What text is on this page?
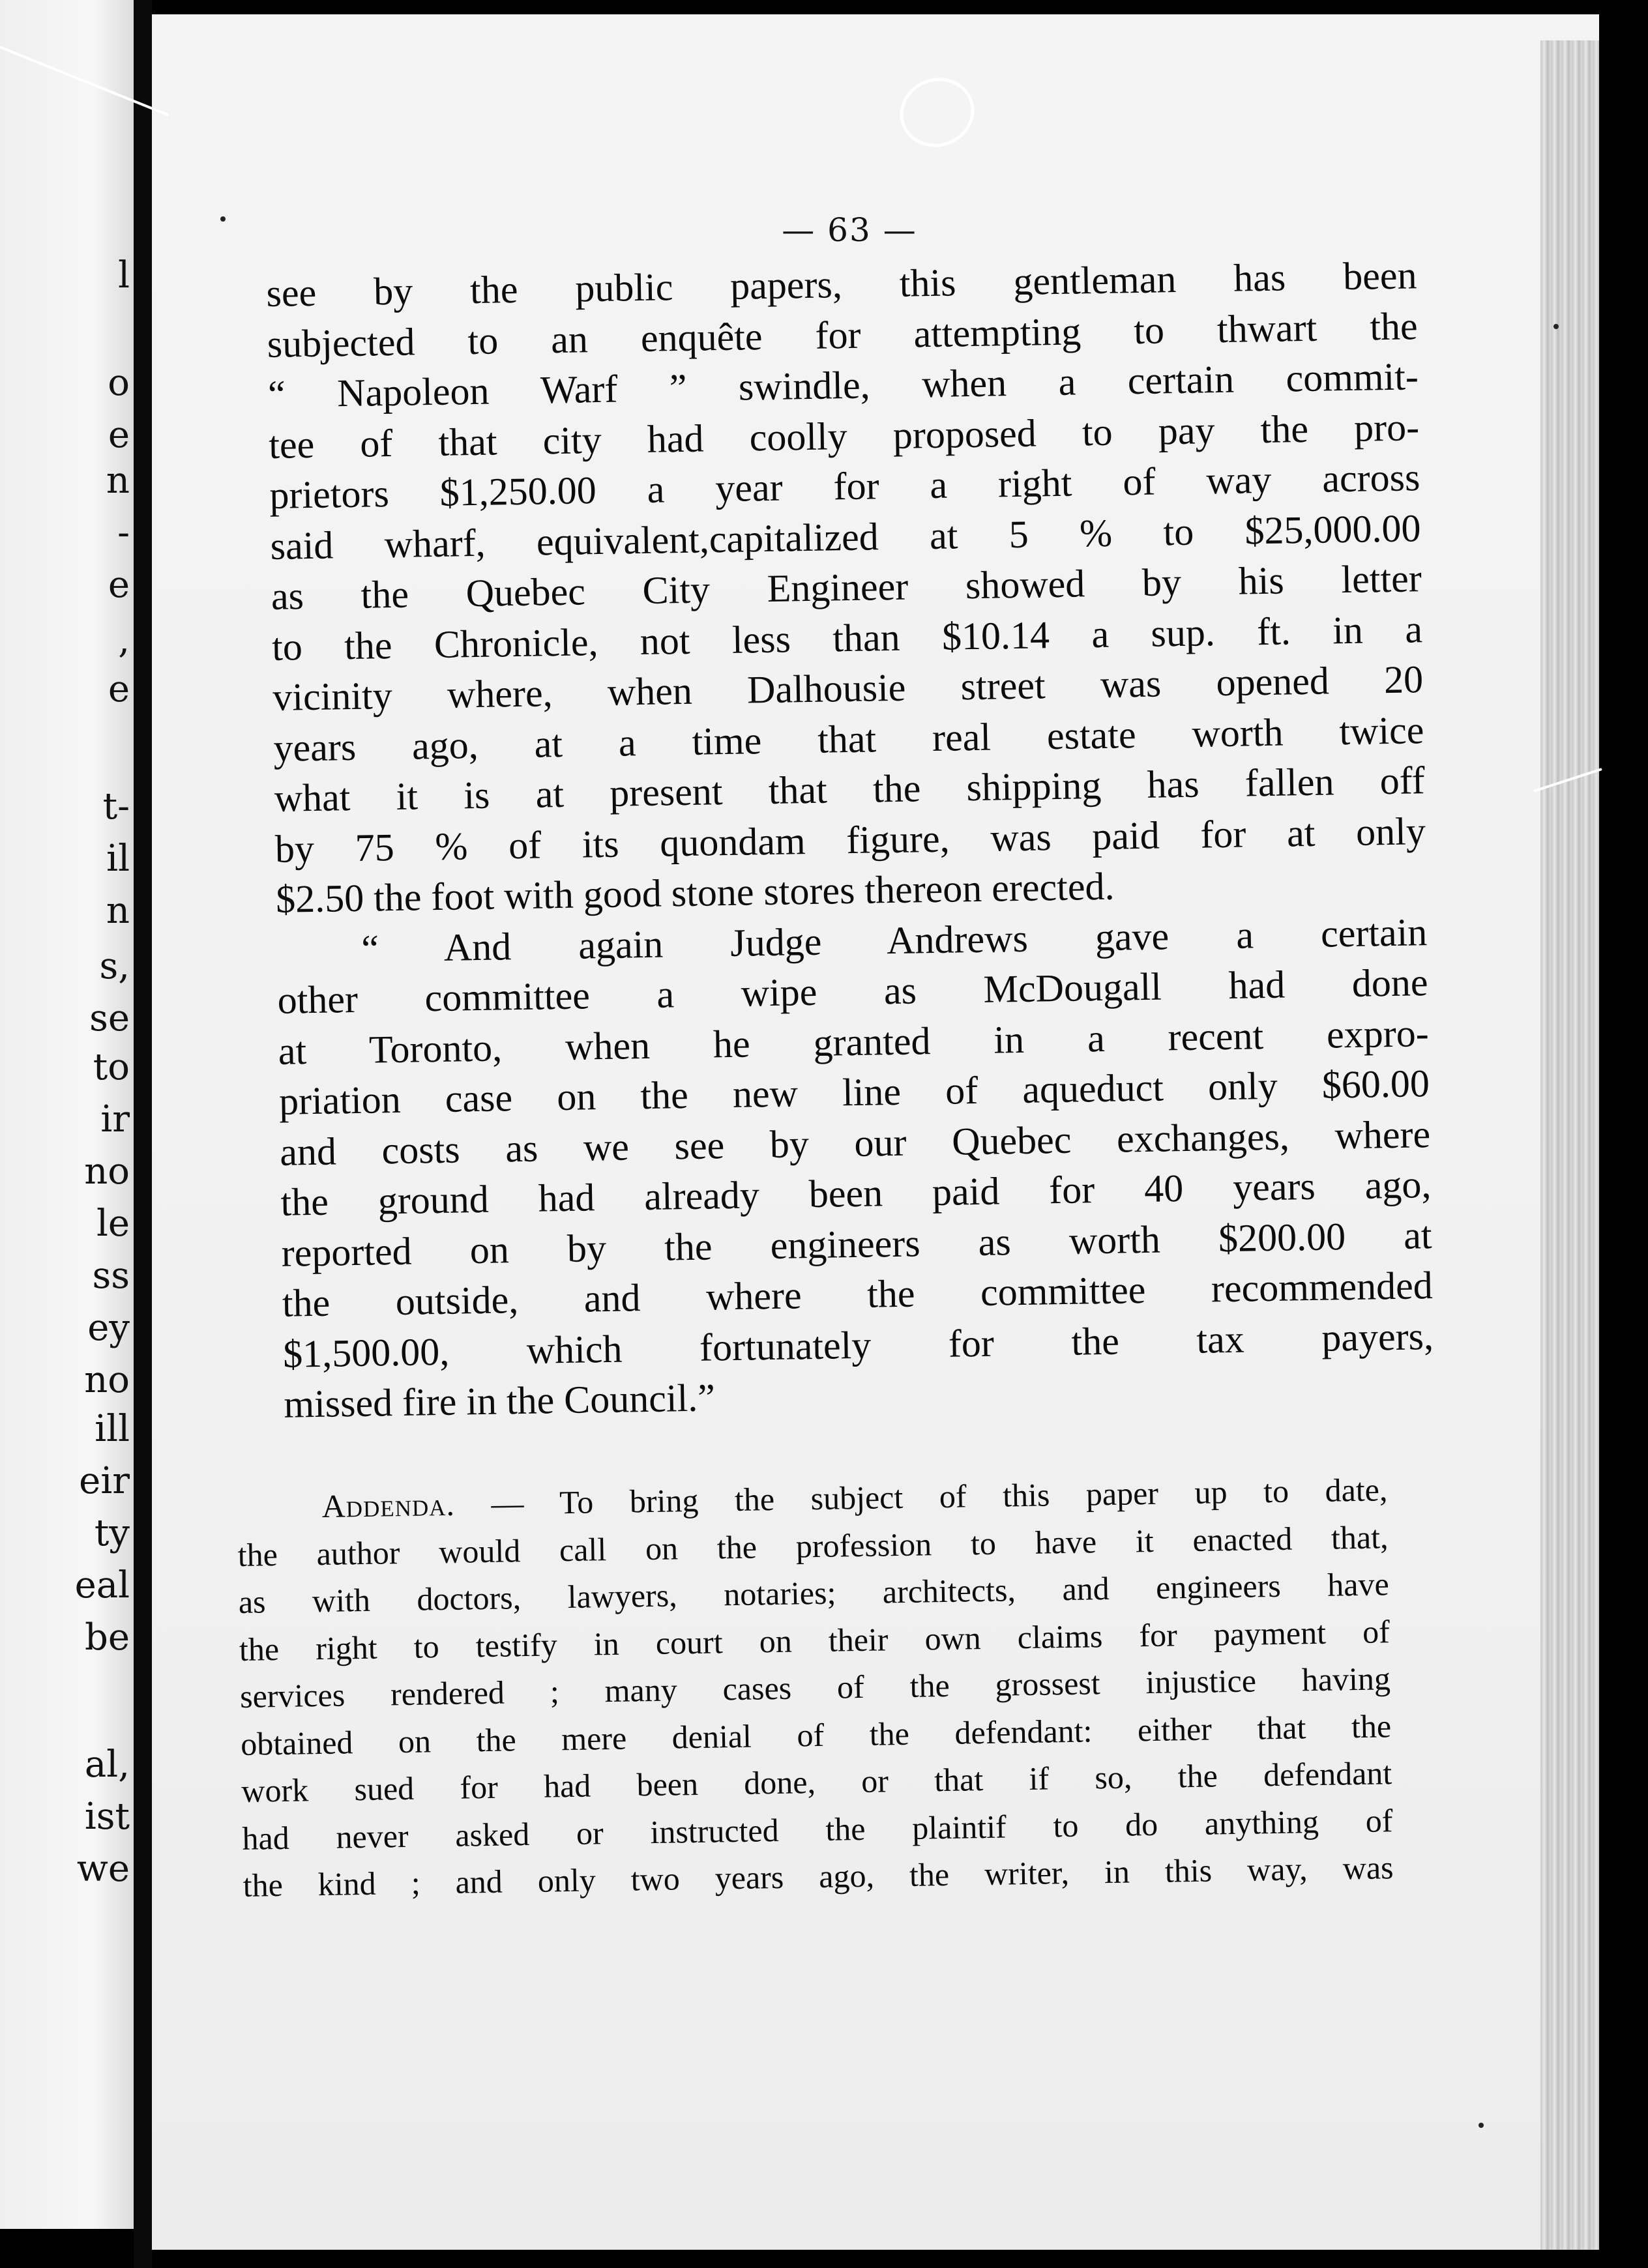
l
o
e
n
-
e
,
e
t-
il
n
s,
se
to
ir
no
le
ss
ey
no
ill
eir
ty
eal
be
al,
ist
we
— 63 —
see by the public papers, this gentleman has been
subjected to an enquête for attempting to thwart the
“ Napoleon Warf ” swindle, when a certain commit-
tee of that city had coolly proposed to pay the pro-
prietors $1,250.00 a year for a right of way across
said wharf, equivalent,capitalized at 5 % to $25,000.00
as the Quebec City Engineer showed by his letter
to the Chronicle, not less than $10.14 a sup. ft. in a
vicinity where, when Dalhousie street was opened 20
years ago, at a time that real estate worth twice
what it is at present that the shipping has fallen off
by 75 % of its quondam figure, was paid for at only
$2.50 the foot with good stone stores thereon erected.
“ And again Judge Andrews gave a certain
other committee a wipe as McDougall had done
at Toronto, when he granted in a recent expro-
priation case on the new line of aqueduct only $60.00
and costs as we see by our Quebec exchanges, where
the ground had already been paid for 40 years ago,
reported on by the engineers as worth $200.00 at
the outside, and where the committee recommended
$1,500.00, which fortunately for the tax payers,
missed fire in the Council.”
Addenda. — To bring the subject of this paper up to date,
the author would call on the profession to have it enacted that,
as with doctors, lawyers, notaries; architects, and engineers have
the right to testify in court on their own claims for payment of
services rendered ; many cases of the grossest injustice having
obtained on the mere denial of the defendant: either that the
work sued for had been done, or that if so, the defendant
had never asked or instructed the plaintif to do anything of
the kind ; and only two years ago, the writer, in this way, was
